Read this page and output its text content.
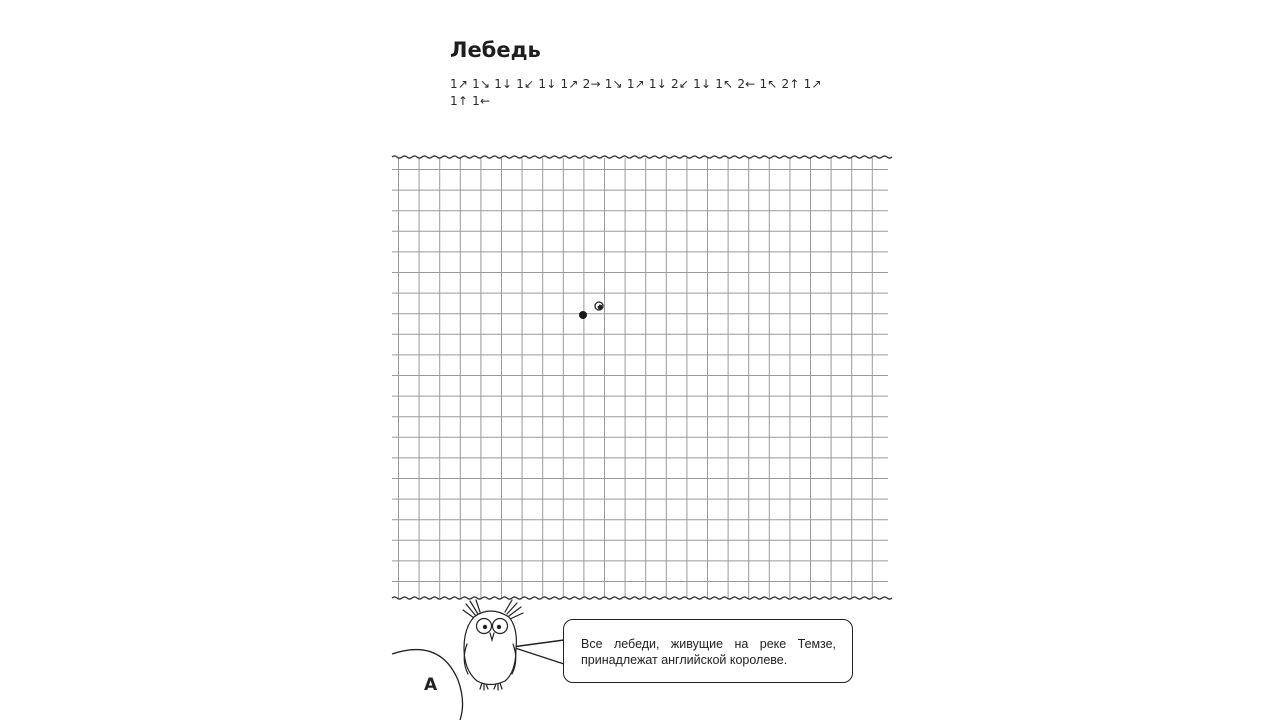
Лебедь
1↗ 1↘ 1↓ 1↙ 1↓ 1↗ 2→ 1↘ 1↗ 1↓ 2↙ 1↓ 1↖ 2← 1↖ 2↑ 1↗
1↑ 1←
Все лебеди, живущие на реке Темзе,
принадлежат английской королеве.
А
